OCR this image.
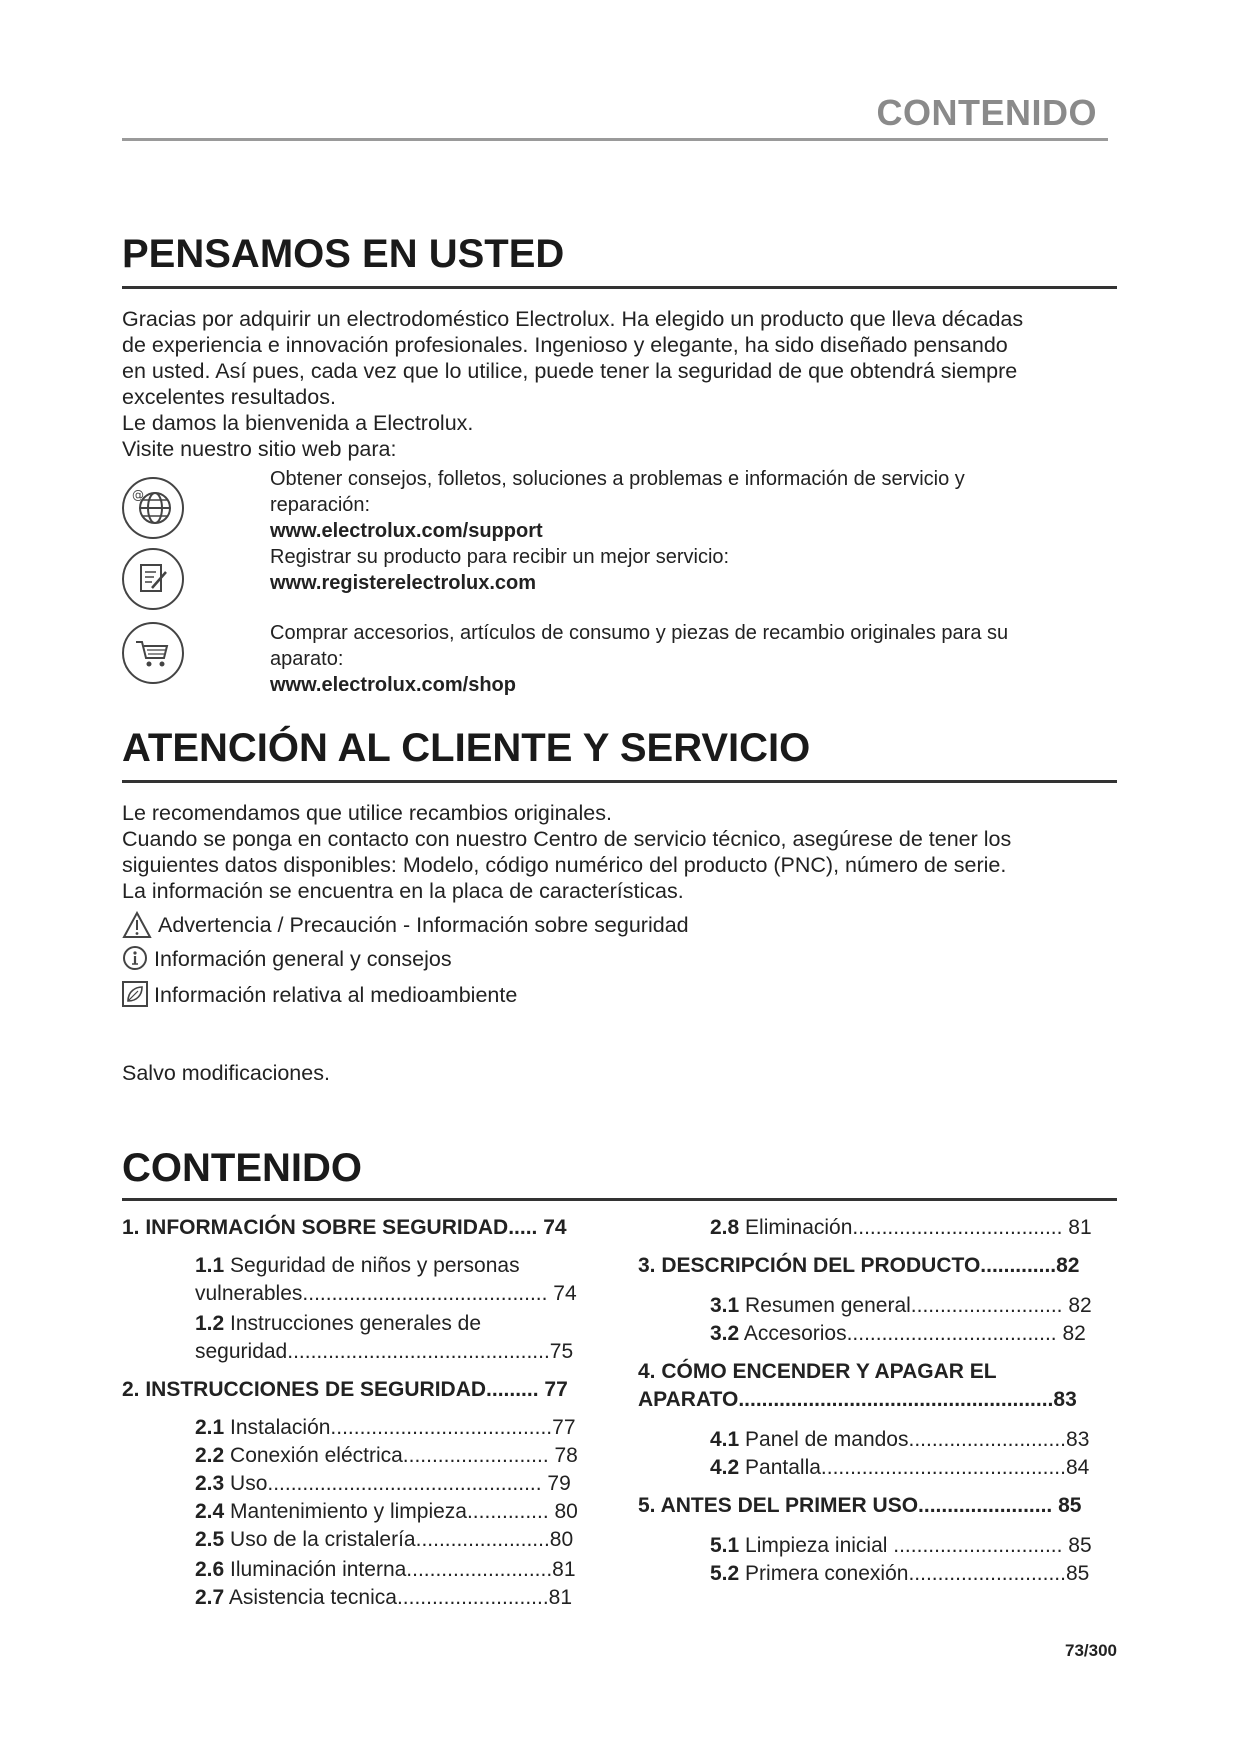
CONTENIDO
PENSAMOS EN USTED

Gracias por adquirir un electrodoméstico Electrolux. Ha elegido un producto que lleva décadas

de experiencia e innovación profesionales. Ingenioso y elegante, ha sido diseñado pensando

en usted. Así pues, cada vez que lo utilice, puede tener la seguridad de que obtendrá siempre

excelentes resultados.

Le damos la bienvenida a Electrolux.

Visite nuestro sitio web para:

@
Obtener consejos, folletos, soluciones a problemas e información de servicio y
reparación:
www.electrolux.com/support
Registrar su producto para recibir un mejor servicio:
www.registerelectrolux.com
Comprar accesorios, artículos de consumo y piezas de recambio originales para su
aparato:
www.electrolux.com/shop
ATENCIÓN AL CLIENTE Y SERVICIO

Le recomendamos que utilice recambios originales.

Cuando se ponga en contacto con nuestro Centro de servicio técnico, asegúrese de tener los

siguientes datos disponibles: Modelo, código numérico del producto (PNC), número de serie.

La información se encuentra en la placa de características.

Advertencia / Precaución - Información sobre seguridad
Información general y consejos
Información relativa al medioambiente
Salvo modificaciones.
CONTENIDO
1. INFORMACIÓN SOBRE SEGURIDAD..... 74
1.1 Seguridad de niños y personas
vulnerables.......................................... 74
1.2 Instrucciones generales de
seguridad.............................................75
2. INSTRUCCIONES DE SEGURIDAD......... 77
2.1 Instalación......................................77
2.2 Conexión eléctrica......................... 78
2.3 Uso............................................... 79
2.4 Mantenimiento y limpieza.............. 80
2.5 Uso de la cristalería.......................80
2.6 Iluminación interna.........................81
2.7 Asistencia tecnica..........................81
2.8 Eliminación.................................... 81
3. DESCRIPCIÓN DEL PRODUCTO.............82
3.1 Resumen general.......................... 82
3.2 Accesorios.................................... 82
4. CÓMO ENCENDER Y APAGAR EL
APARATO......................................................83
4.1 Panel de mandos...........................83
4.2 Pantalla..........................................84
5. ANTES DEL PRIMER USO....................... 85
5.1 Limpieza inicial ............................. 85
5.2 Primera conexión...........................85
73/300
